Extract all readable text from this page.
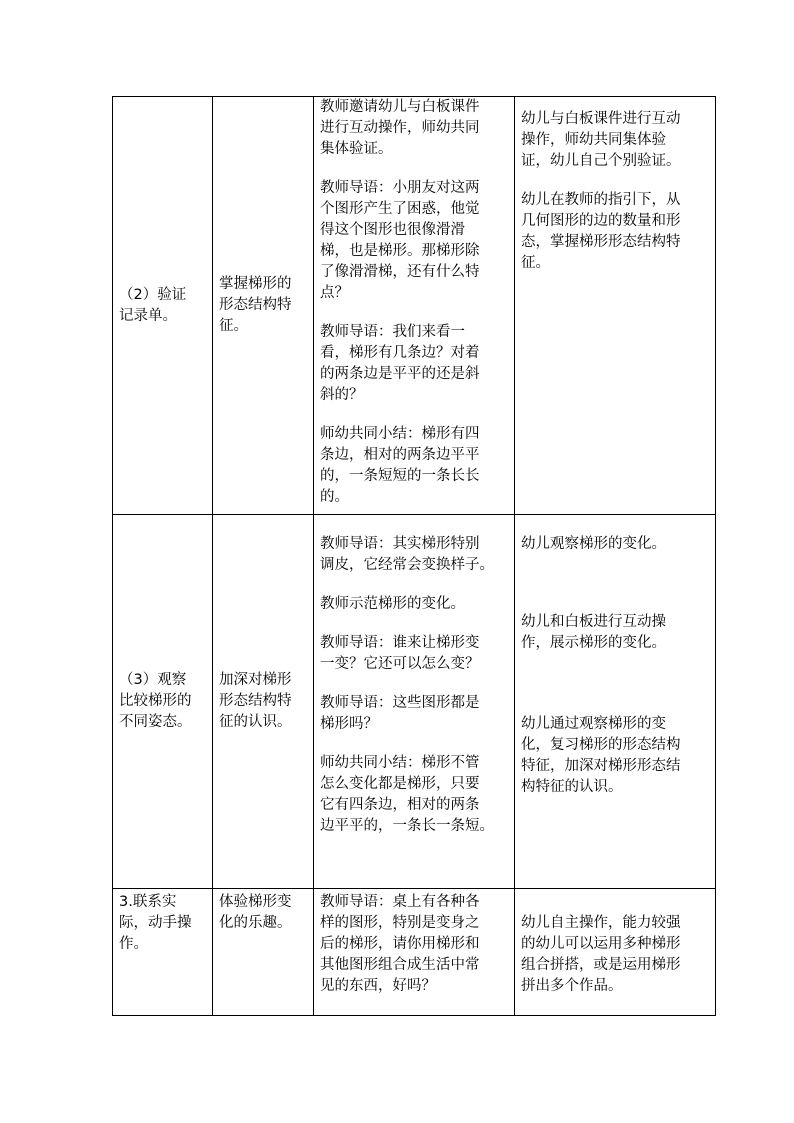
（2）验证
记录单。

掌握梯形的
形态结构特
征。

教师邀请幼儿与白板课件
进行互动操作，师幼共同
集体验证。

教师导语：小朋友对这两
个图形产生了困惑，他觉
得这个图形也很像滑滑
梯，也是梯形。那梯形除
了像滑滑梯，还有什么特
点？

教师导语：我们来看一
看，梯形有几条边？对着
的两条边是平平的还是斜
斜的？

师幼共同小结：梯形有四
条边，相对的两条边平平
的，一条短短的一条长长
的。

幼儿与白板课件进行互动
操作，师幼共同集体验
证，幼儿自己个别验证。

幼儿在教师的指引下，从
几何图形的边的数量和形
态，掌握梯形形态结构特
征。

（3）观察
比较梯形的
不同姿态。

加深对梯形
形态结构特
征的认识。

教师导语：其实梯形特别
调皮，它经常会变换样子。

教师示范梯形的变化。

教师导语：谁来让梯形变
一变？它还可以怎么变？

教师导语：这些图形都是
梯形吗？

师幼共同小结：梯形不管
怎么变化都是梯形，只要
它有四条边，相对的两条
边平平的，一条长一条短。

幼儿观察梯形的变化。

幼儿和白板进行互动操
作，展示梯形的变化。

幼儿通过观察梯形的变
化，复习梯形的形态结构
特征，加深对梯形形态结
构特征的认识。

3.联系实
际，动手操
作。

体验梯形变
化的乐趣。

教师导语：桌上有各种各
样的图形，特别是变身之
后的梯形，请你用梯形和
其他图形组合成生活中常
见的东西，好吗？

幼儿自主操作，能力较强
的幼儿可以运用多种梯形
组合拼搭，或是运用梯形
拼出多个作品。
